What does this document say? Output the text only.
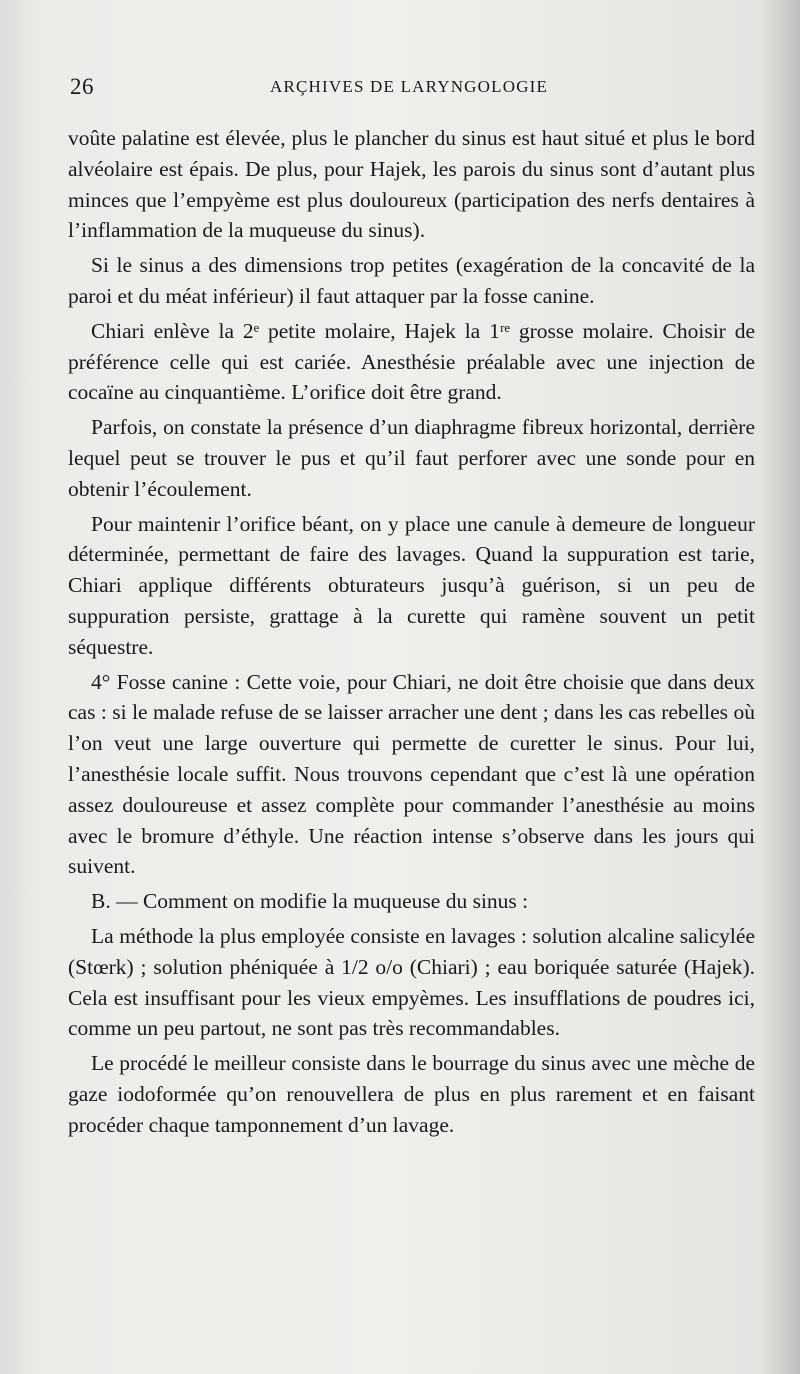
26	ARÇHIVES DE LARYNGOLOGIE

voûte palatine est élevée, plus le plancher du sinus est haut situé et plus le bord alvéolaire est épais. De plus, pour Hajek, les parois du sinus sont d’autant plus minces que l’empyème est plus douloureux (participation des nerfs dentaires à l’inflammation de la muqueuse du sinus).

Si le sinus a des dimensions trop petites (exagération de la concavité de la paroi et du méat inférieur) il faut attaquer par la fosse canine.

Chiari enlève la 2ᵉ petite molaire, Hajek la 1ʳᵉ grosse molaire. Choisir de préférence celle qui est cariée. Anesthésie préalable avec une injection de cocaïne au cinquantième. L’orifice doit être grand.

Parfois, on constate la présence d’un diaphragme fibreux horizontal, derrière lequel peut se trouver le pus et qu’il faut perforer avec une sonde pour en obtenir l’écoulement.

Pour maintenir l’orifice béant, on y place une canule à demeure de longueur déterminée, permettant de faire des lavages. Quand la suppuration est tarie, Chiari applique différents obturateurs jusqu’à guérison, si un peu de suppuration persiste, grattage à la curette qui ramène souvent un petit séquestre.

4° Fosse canine : Cette voie, pour Chiari, ne doit être choisie que dans deux cas : si le malade refuse de se laisser arracher une dent ; dans les cas rebelles où l’on veut une large ouverture qui permette de curetter le sinus. Pour lui, l’anesthésie locale suffit. Nous trouvons cependant que c’est là une opération assez douloureuse et assez complète pour commander l’anesthésie au moins avec le bromure d’éthyle. Une réaction intense s’observe dans les jours qui suivent.

B. — Comment on modifie la muqueuse du sinus :

La méthode la plus employée consiste en lavages : solution alcaline salicylée (Stœrk) ; solution phéniquée à 1/2 o/o (Chiari) ; eau boriquée saturée (Hajek). Cela est insuffisant pour les vieux empyèmes. Les insufflations de poudres ici, comme un peu partout, ne sont pas très recommandables.

Le procédé le meilleur consiste dans le bourrage du sinus avec une mèche de gaze iodoformée qu’on renouvellera de plus en plus rarement et en faisant procéder chaque tamponnement d’un lavage.
